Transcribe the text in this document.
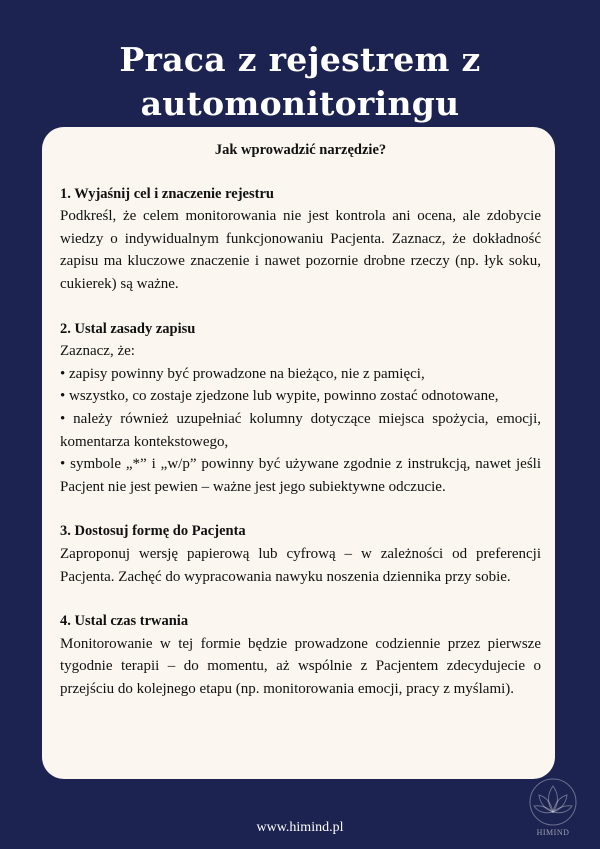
Praca z rejestrem z
automonitoringu

Jak wprowadzić narzędzie?

1. Wyjaśnij cel i znaczenie rejestru

Podkreśl, że celem monitorowania nie jest kontrola ani ocena, ale zdobycie wiedzy o indywidualnym funkcjonowaniu Pacjenta. Zaznacz, że dokładność zapisu ma kluczowe znaczenie i nawet pozornie drobne rzeczy (np. łyk soku, cukierek) są ważne.

2. Ustal zasady zapisu

Zaznacz, że:

• zapisy powinny być prowadzone na bieżąco, nie z pamięci,

• wszystko, co zostaje zjedzone lub wypite, powinno zostać odnotowane,

• należy również uzupełniać kolumny dotyczące miejsca spożycia, emocji, komentarza kontekstowego,

• symbole „*” i „w/p” powinny być używane zgodnie z instrukcją, nawet jeśli Pacjent nie jest pewien – ważne jest jego subiektywne odczucie.

3. Dostosuj formę do Pacjenta

Zaproponuj wersję papierową lub cyfrową – w zależności od preferencji Pacjenta. Zachęć do wypracowania nawyku noszenia dziennika przy sobie.

4. Ustal czas trwania

Monitorowanie w tej formie będzie prowadzone codziennie przez pierwsze tygodnie terapii – do momentu, aż wspólnie z Pacjentem zdecydujecie o przejściu do kolejnego etapu (np. monitorowania emocji, pracy z myślami).

www.himind.pl	HIMIND
